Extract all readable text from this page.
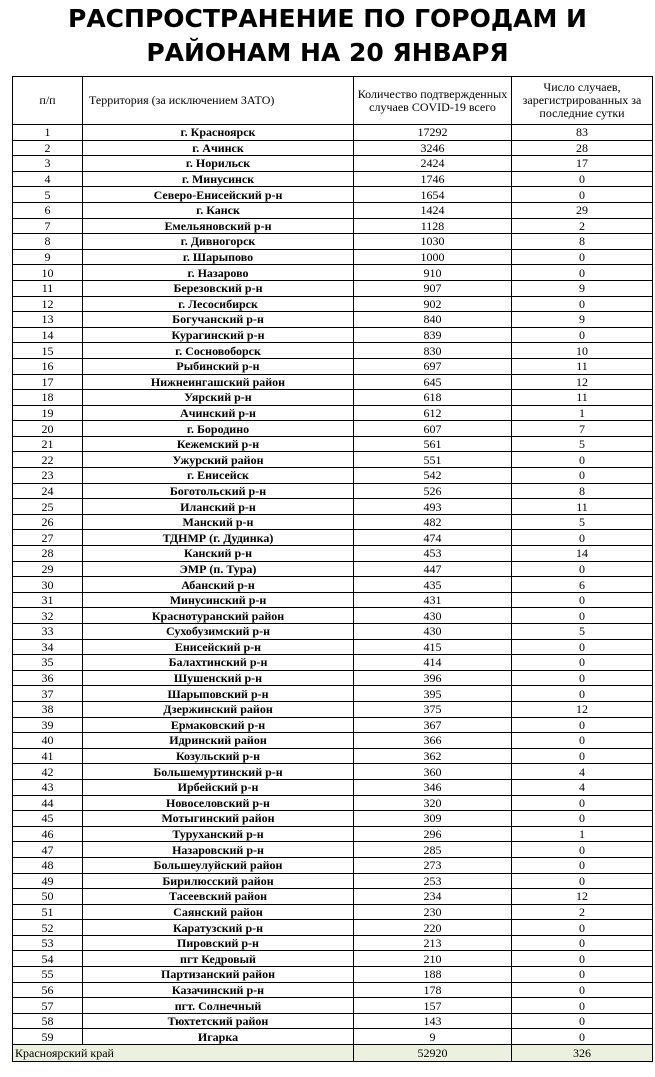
РАСПРОСТРАНЕНИЕ ПО ГОРОДАМ И
РАЙОНАМ НА 20 ЯНВАРЯ
п/п	Территория (за исключением ЗАТО)	Количество подтвержденных случаев COVID-19 всего	Число случаев, зарегистрированных за последние сутки
1	г. Красноярск	17292	83
2	г. Ачинск	3246	28
3	г. Норильск	2424	17
4	г. Минусинск	1746	0
5	Северо-Енисейский р-н	1654	0
6	г. Канск	1424	29
7	Емельяновский р-н	1128	2
8	г. Дивногорск	1030	8
9	г. Шарыпово	1000	0
10	г. Назарово	910	0
11	Березовский р-н	907	9
12	г. Лесосибирск	902	0
13	Богучанский р-н	840	9
14	Курагинский р-н	839	0
15	г. Сосновоборск	830	10
16	Рыбинский р-н	697	11
17	Нижнеингашский район	645	12
18	Уярский р-н	618	11
19	Ачинский р-н	612	1
20	г. Бородино	607	7
21	Кежемский р-н	561	5
22	Ужурский район	551	0
23	г. Енисейск	542	0
24	Боготольский р-н	526	8
25	Иланский р-н	493	11
26	Манский р-н	482	5
27	ТДНМР (г. Дудинка)	474	0
28	Канский р-н	453	14
29	ЭМР (п. Тура)	447	0
30	Абанский р-н	435	6
31	Минусинский р-н	431	0
32	Краснотуранский район	430	0
33	Сухобузимский р-н	430	5
34	Енисейский р-н	415	0
35	Балахтинский р-н	414	0
36	Шушенский р-н	396	0
37	Шарыповский р-н	395	0
38	Дзержинский район	375	12
39	Ермаковский р-н	367	0
40	Идринский район	366	0
41	Козульский р-н	362	0
42	Большемуртинский р-н	360	4
43	Ирбейский р-н	346	4
44	Новоселовский р-н	320	0
45	Мотыгинский район	309	0
46	Туруханский р-н	296	1
47	Назаровский р-н	285	0
48	Большеулуйский район	273	0
49	Бирилюсский район	253	0
50	Тасеевский район	234	12
51	Саянский район	230	2
52	Каратузский р-н	220	0
53	Пировский р-н	213	0
54	пгт Кедровый	210	0
55	Партизанский район	188	0
56	Казачинский р-н	178	0
57	пгт. Солнечный	157	0
58	Тюхтетский район	143	0
59	Игарка	9	0
Красноярский край		52920	326
